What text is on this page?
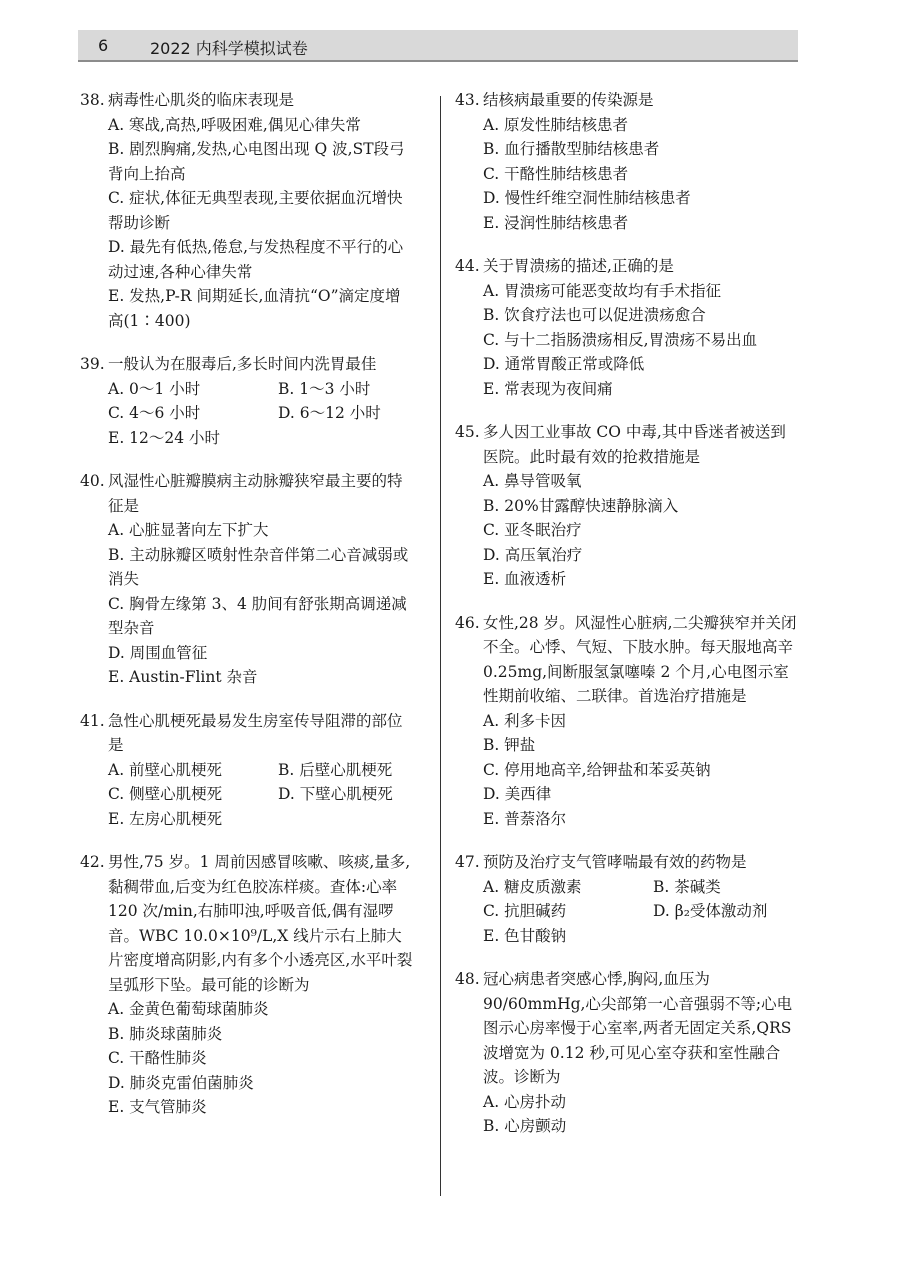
6	2022 内科学模拟试卷
38. 病毒性心肌炎的临床表现是
A. 寒战,高热,呼吸困难,偶见心律失常
B. 剧烈胸痛,发热,心电图出现 Q 波,ST段弓背向上抬高
C. 症状,体征无典型表现,主要依据血沉增快帮助诊断
D. 最先有低热,倦怠,与发热程度不平行的心动过速,各种心律失常
E. 发热,P-R 间期延长,血清抗“O”滴定度增高(1∶400)
39. 一般认为在服毒后,多长时间内洗胃最佳
A. 0～1 小时	B. 1～3 小时
C. 4～6 小时	D. 6～12 小时
E. 12～24 小时
40. 风湿性心脏瓣膜病主动脉瓣狭窄最主要的特征是
A. 心脏显著向左下扩大
B. 主动脉瓣区喷射性杂音伴第二心音减弱或消失
C. 胸骨左缘第 3、4 肋间有舒张期高调递减型杂音
D. 周围血管征
E. Austin-Flint 杂音
41. 急性心肌梗死最易发生房室传导阻滞的部位是
A. 前壁心肌梗死	B. 后壁心肌梗死
C. 侧壁心肌梗死	D. 下壁心肌梗死
E. 左房心肌梗死
42. 男性,75 岁。1 周前因感冒咳嗽、咳痰,量多,黏稠带血,后变为红色胶冻样痰。查体:心率 120 次/min,右肺叩浊,呼吸音低,偶有湿啰音。WBC 10.0×10⁹/L,X 线片示右上肺大片密度增高阴影,内有多个小透亮区,水平叶裂呈弧形下坠。最可能的诊断为
A. 金黄色葡萄球菌肺炎
B. 肺炎球菌肺炎
C. 干酪性肺炎
D. 肺炎克雷伯菌肺炎
E. 支气管肺炎
43. 结核病最重要的传染源是
A. 原发性肺结核患者
B. 血行播散型肺结核患者
C. 干酪性肺结核患者
D. 慢性纤维空洞性肺结核患者
E. 浸润性肺结核患者
44. 关于胃溃疡的描述,正确的是
A. 胃溃疡可能恶变故均有手术指征
B. 饮食疗法也可以促进溃疡愈合
C. 与十二指肠溃疡相反,胃溃疡不易出血
D. 通常胃酸正常或降低
E. 常表现为夜间痛
45. 多人因工业事故 CO 中毒,其中昏迷者被送到医院。此时最有效的抢救措施是
A. 鼻导管吸氧
B. 20%甘露醇快速静脉滴入
C. 亚冬眠治疗
D. 高压氧治疗
E. 血液透析
46. 女性,28 岁。风湿性心脏病,二尖瓣狭窄并关闭不全。心悸、气短、下肢水肿。每天服地高辛 0.25mg,间断服氢氯噻嗪 2 个月,心电图示室性期前收缩、二联律。首选治疗措施是
A. 利多卡因
B. 钾盐
C. 停用地高辛,给钾盐和苯妥英钠
D. 美西律
E. 普萘洛尔
47. 预防及治疗支气管哮喘最有效的药物是
A. 糖皮质激素	B. 茶碱类
C. 抗胆碱药	D. β₂受体激动剂
E. 色甘酸钠
48. 冠心病患者突感心悸,胸闷,血压为90/60mmHg,心尖部第一心音强弱不等;心电图示心房率慢于心室率,两者无固定关系,QRS 波增宽为 0.12 秒,可见心室夺获和室性融合波。诊断为
A. 心房扑动
B. 心房颤动
